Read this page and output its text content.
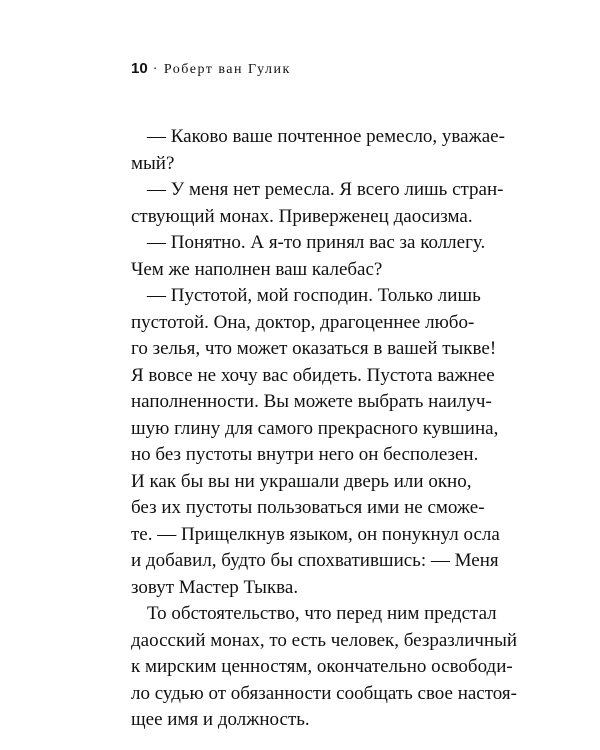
10 · Роберт ван Гулик
— Каково ваше почтенное ремесло, уважае-
мый?
— У меня нет ремесла. Я всего лишь стран-
ствующий монах. Приверженец даосизма.
— Понятно. А я-то принял вас за коллегу.
Чем же наполнен ваш калебас?
— Пустотой, мой господин. Только лишь
пустотой. Она, доктор, драгоценнее любо-
го зелья, что может оказаться в вашей тыкве!
Я вовсе не хочу вас обидеть. Пустота важнее
наполненности. Вы можете выбрать наилуч-
шую глину для самого прекрасного кувшина,
но без пустоты внутри него он бесполезен.
И как бы вы ни украшали дверь или окно,
без их пустоты пользоваться ими не сможе-
те. — Прищелкнув языком, он понукнул осла
и добавил, будто бы спохватившись: — Меня
зовут Мастер Тыква.
То обстоятельство, что перед ним предстал
даосский монах, то есть человек, безразличный
к мирским ценностям, окончательно освободи-
ло судью от обязанности сообщать свое настоя-
щее имя и должность.
